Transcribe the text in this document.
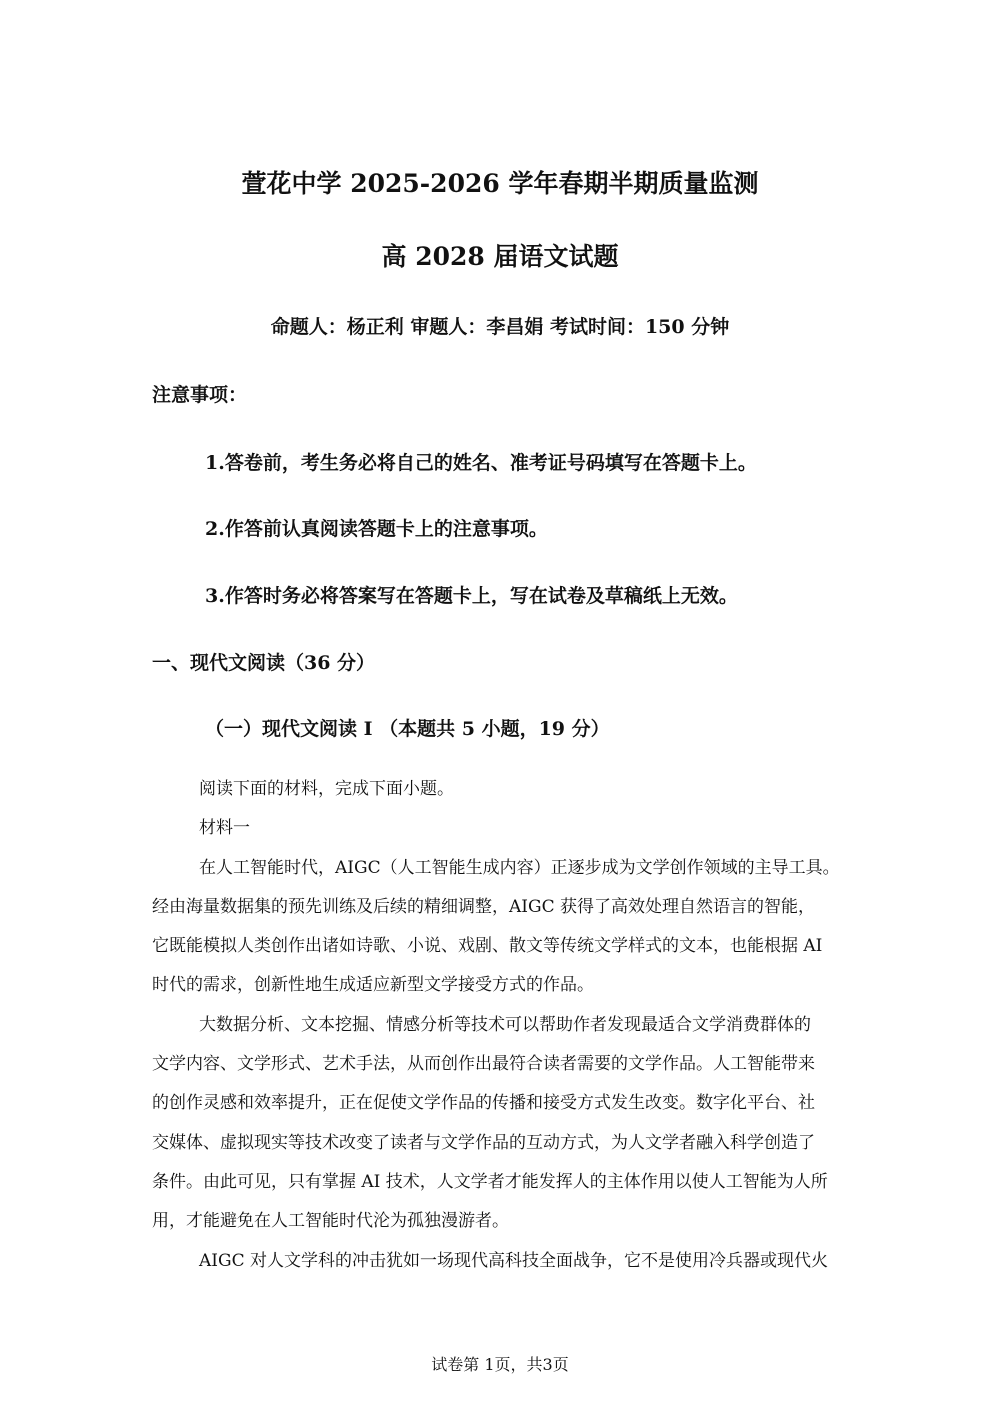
萱花中学 2025-2026 学年春期半期质量监测
高 2028 届语文试题
命题人：杨正利 审题人：李昌娟 考试时间：150 分钟
注意事项：
1.答卷前，考生务必将自己的姓名、准考证号码填写在答题卡上。
2.作答前认真阅读答题卡上的注意事项。
3.作答时务必将答案写在答题卡上，写在试卷及草稿纸上无效。
一、现代文阅读（36 分）
（一）现代文阅读 I （本题共 5 小题，19 分）
阅读下面的材料，完成下面小题。
材料一
在人工智能时代，AIGC（人工智能生成内容）正逐步成为文学创作领域的主导工具。
经由海量数据集的预先训练及后续的精细调整，AIGC 获得了高效处理自然语言的智能，
它既能模拟人类创作出诸如诗歌、小说、戏剧、散文等传统文学样式的文本，也能根据 AI
时代的需求，创新性地生成适应新型文学接受方式的作品。
大数据分析、文本挖掘、情感分析等技术可以帮助作者发现最适合文学消费群体的
文学内容、文学形式、艺术手法，从而创作出最符合读者需要的文学作品。人工智能带来
的创作灵感和效率提升，正在促使文学作品的传播和接受方式发生改变。数字化平台、社
交媒体、虚拟现实等技术改变了读者与文学作品的互动方式，为人文学者融入科学创造了
条件。由此可见，只有掌握 AI 技术，人文学者才能发挥人的主体作用以使人工智能为人所
用，才能避免在人工智能时代沦为孤独漫游者。
AIGC 对人文学科的冲击犹如一场现代高科技全面战争，它不是使用冷兵器或现代火
试卷第 1页，共3页
